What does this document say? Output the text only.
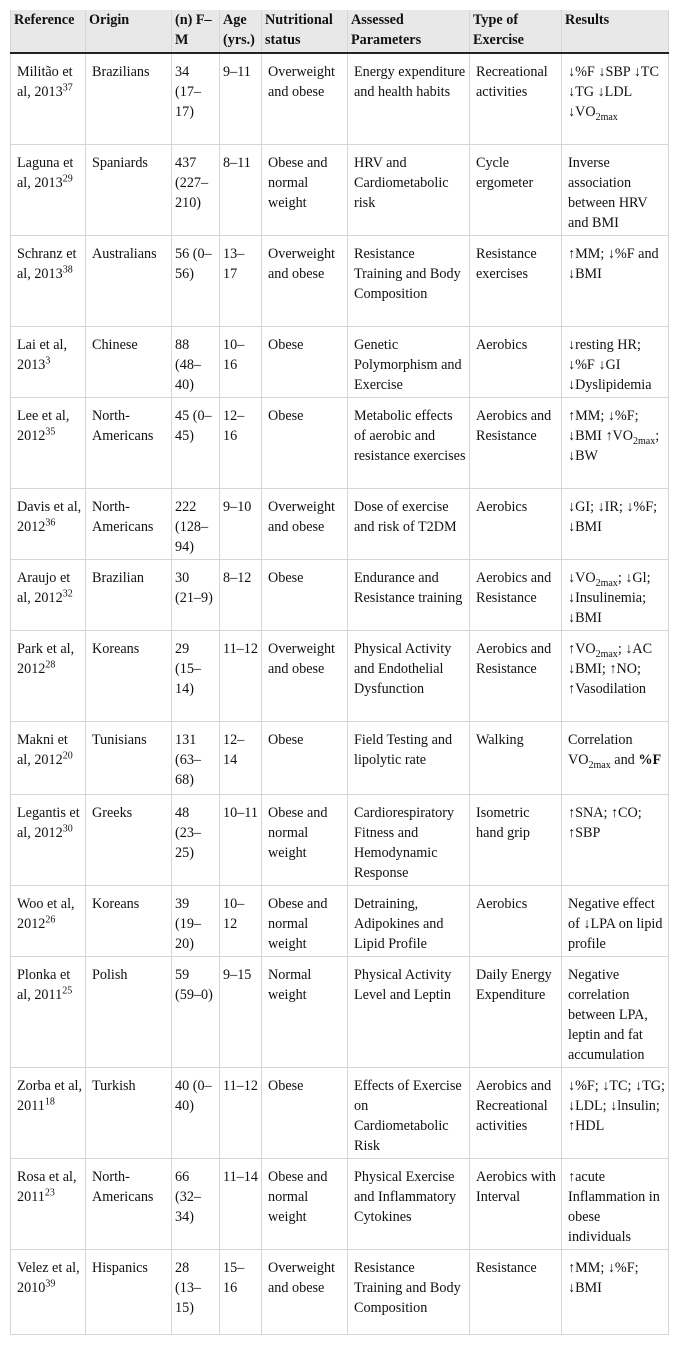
Reference	Origin	(n) F–M	Age (yrs.)	Nutritional status	Assessed Parameters	Type of Exercise	Results
Militão et al, 2013$^{37}$	Brazilians	34 (17–17)	9–11	Overweight and obese	Energy expenditure and health habits	Recreational activities	↓%F ↓SBP ↓TC ↓TG ↓LDL $↓VO_{2max}$
Laguna et al, 2013$^{29}$	Spaniards	437 (227–210)	8–11	Obese and normal weight	HRV and Cardiometabolic risk	Cycle ergometer	Inverse association between HRV and BMI
Schranz et al, 2013$^{38}$	Australians	56 (0–56)	13–17	Overweight and obese	Resistance Training and Body Composition	Resistance exercises	↑MM; ↓%F and ↓BMI
Lai et al, 2013$^3$	Chinese	88 (48–40)	10–16	Obese	Genetic Polymorphism and Exercise	Aerobics	↓resting HR; ↓%F ↓GI ↓Dyslipidemia
Lee et al, 2012$^{35}$	North-Americans	45 (0–45)	12–16	Obese	Metabolic effects of aerobic and resistance exercises	Aerobics and Resistance	↑MM; ↓%F; ↓BMI $↑VO_{2max}$; ↓BW
Davis et al, 2012$^{36}$	North-Americans	222 (128–94)	9–10	Overweight and obese	Dose of exercise and risk of T2DM	Aerobics	↓GI; ↓IR; ↓%F; ↓BMI
Araujo et al, 2012$^{32}$	Brazilian	30 (21–9)	8–12	Obese	Endurance and Resistance training	Aerobics and Resistance	$↓VO_{2max}$; ↓Gl; ↓Insulinemia; ↓BMI
Park et al, 2012$^{28}$	Koreans	29 (15–14)	11–12	Overweight and obese	Physical Activity and Endothelial Dysfunction	Aerobics and Resistance	$↑VO_{2max}$; ↓AC ↓BMI; ↑NO; ↑Vasodilation
Makni et al, 2012$^{20}$	Tunisians	131 (63–68)	12–14	Obese	Field Testing and lipolytic rate	Walking	Correlation $VO_{2max}$ and %F
Legantis et al, 2012$^{30}$	Greeks	48 (23–25)	10–11	Obese and normal weight	Cardiorespiratory Fitness and Hemodynamic Response	Isometric hand grip	↑SNA; ↑CO; ↑SBP
Woo et al, 2012$^{26}$	Koreans	39 (19–20)	10–12	Obese and normal weight	Detraining, Adipokines and Lipid Profile	Aerobics	Negative effect of ↓LPA on lipid profile
Plonka et al, 2011$^{25}$	Polish	59 (59–0)	9–15	Normal weight	Physical Activity Level and Leptin	Daily Energy Expenditure	Negative correlation between LPA, leptin and fat accumulation
Zorba et al, 2011$^{18}$	Turkish	40 (0–40)	11–12	Obese	Effects of Exercise on Cardiometabolic Risk	Aerobics and Recreational activities	↓%F; ↓TC; ↓TG; ↓LDL; ↓lnsulin; ↑HDL
Rosa et al, 2011$^{23}$	North-Americans	66 (32–34)	11–14	Obese and normal weight	Physical Exercise and Inflammatory Cytokines	Aerobics with Interval	↑acute Inflammation in obese individuals
Velez et al, 2010$^{39}$	Hispanics	28 (13–15)	15–16	Overweight and obese	Resistance Training and Body Composition	Resistance	↑MM; ↓%F; ↓BMI
